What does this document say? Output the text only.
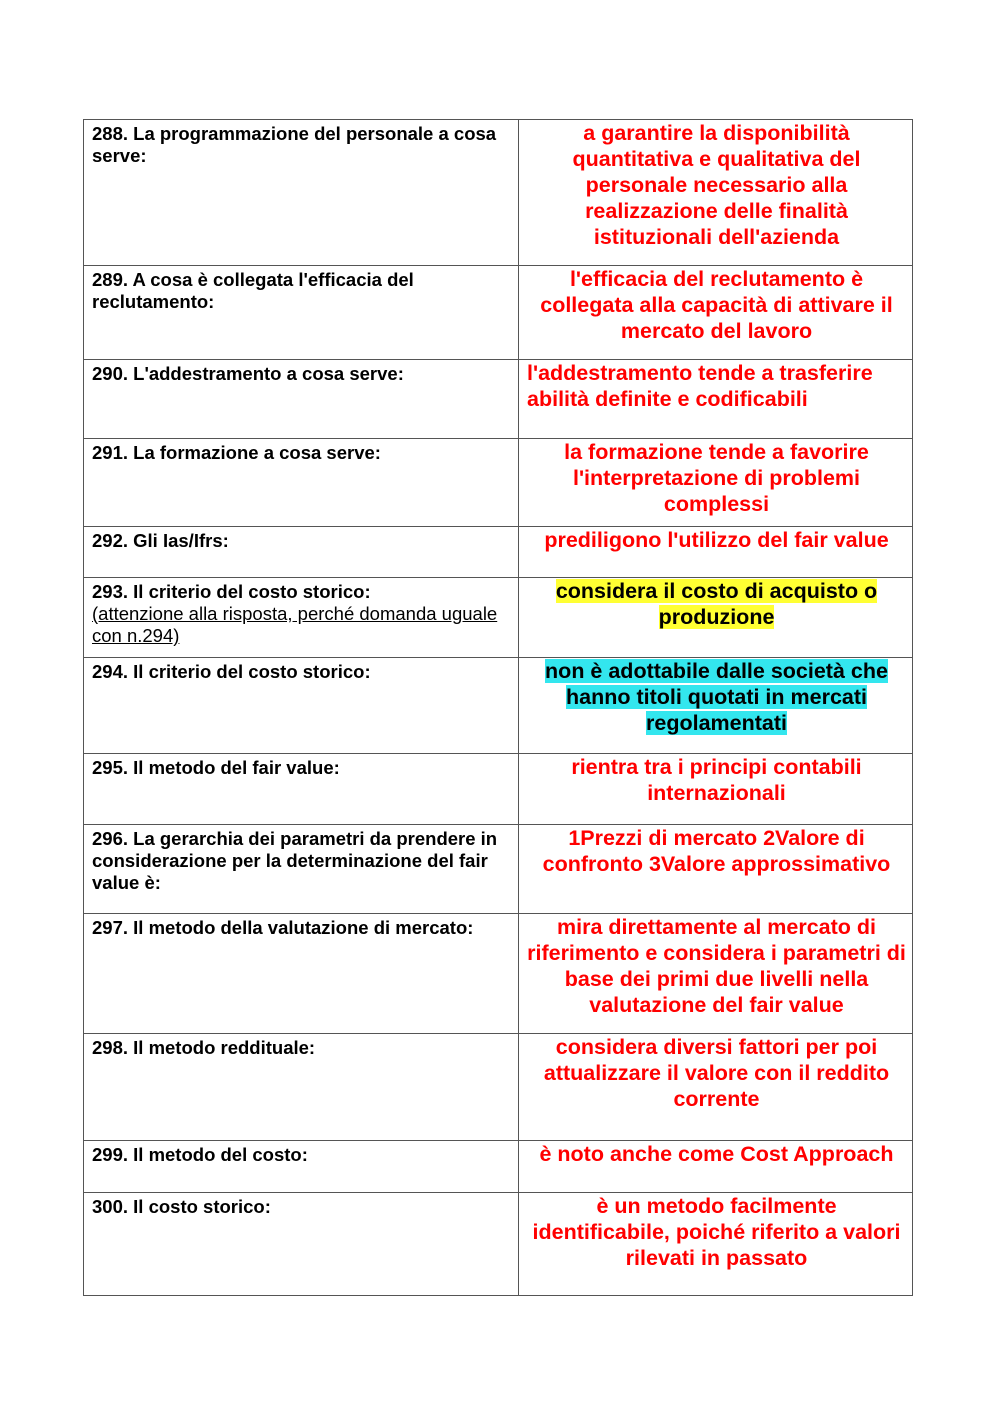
288. La programmazione del personale a cosa serve:	a garantire la disponibilità quantitativa e qualitativa del personale necessario alla realizzazione delle finalità istituzionali dell'azienda
289. A cosa è collegata l'efficacia del reclutamento:	l'efficacia del reclutamento è collegata alla capacità di attivare il mercato del lavoro
290. L'addestramento a cosa serve:	l'addestramento tende a trasferire abilità definite e codificabili
291. La formazione a cosa serve:	la formazione tende a favorire l'interpretazione di problemi complessi
292. Gli Ias/Ifrs:	prediligono l'utilizzo del fair value
293. Il criterio del costo storico:
(attenzione alla risposta, perché domanda uguale con n.294)	considera il costo di acquisto o produzione
294. Il criterio del costo storico:	non è adottabile dalle società che hanno titoli quotati in mercati regolamentati
295. Il metodo del fair value:	rientra tra i principi contabili internazionali
296. La gerarchia dei parametri da prendere in considerazione per la determinazione del fair value è:	1Prezzi di mercato 2Valore di confronto 3Valore approssimativo
297. Il metodo della valutazione di mercato:	mira direttamente al mercato di riferimento e considera i parametri di base dei primi due livelli nella valutazione del fair value
298. Il metodo reddituale:	considera diversi fattori per poi attualizzare il valore con il reddito corrente
299. Il metodo del costo:	è noto anche come Cost Approach
300. Il costo storico:	è un metodo facilmente identificabile, poiché riferito a valori rilevati in passato
